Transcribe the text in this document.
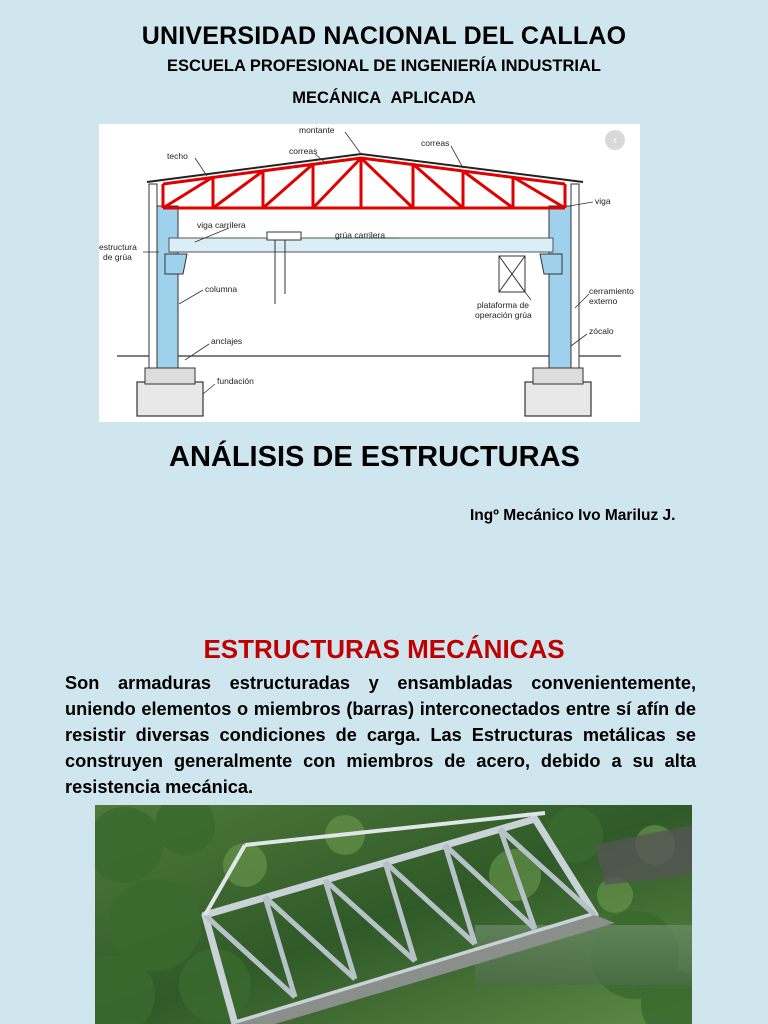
UNIVERSIDAD NACIONAL DEL CALLAO
ESCUELA PROFESIONAL DE INGENIERÍA INDUSTRIAL
MECÁNICA APLICADA
montante
correas
correas
techo
viga
viga carrilera
grúa carrilera
estructura
de grúa
columna	cerramiento
externo
plataforma de
operación grúa
zócalo
anclajes
fundación
‹
ANÁLISIS DE ESTRUCTURAS
Ingº Mecánico Ivo Mariluz J.
ESTRUCTURAS MECÁNICAS
Son armaduras estructuradas y ensambladas convenientemente, uniendo elementos o miembros (barras) interconectados entre sí afín de resistir diversas condiciones de carga. Las Estructuras metálicas se construyen generalmente con miembros de acero, debido a su alta resistencia mecánica.
